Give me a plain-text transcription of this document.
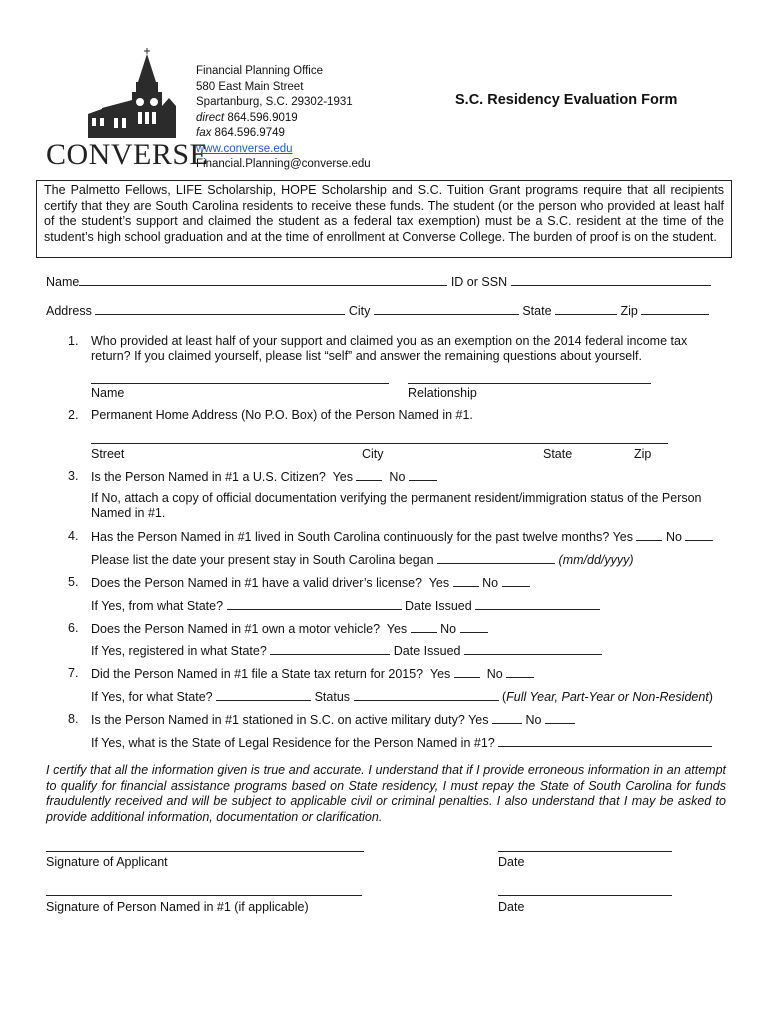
CONVERSE
Financial Planning Office
580 East Main Street
Spartanburg, S.C. 29302-1931
direct 864.596.9019
fax 864.596.9749
www.converse.edu
Financial.Planning@converse.edu
S.C. Residency Evaluation Form
The Palmetto Fellows, LIFE Scholarship, HOPE Scholarship and S.C. Tuition Grant programs require that all recipients certify that they are South Carolina residents to receive these funds. The student (or the person who provided at least half of the student’s support and claimed the student as a federal tax exemption) must be a S.C. resident at the time of the student’s high school graduation and at the time of enrollment at Converse College. The burden of proof is on the student.
Name	ID or SSN
Address	City	State	Zip
1. Who provided at least half of your support and claimed you as an exemption on the 2014 federal income tax
return? If you claimed yourself, please list “self” and answer the remaining questions about yourself.
Name	Relationship
2. Permanent Home Address (No P.O. Box) of the Person Named in #1.
Street	City	State	Zip
3. Is the Person Named in #1 a U.S. Citizen? Yes	No
If No, attach a copy of official documentation verifying the permanent resident/immigration status of the Person
Named in #1.
4. Has the Person Named in #1 lived in South Carolina continuously for the past twelve months? Yes	No
Please list the date your present stay in South Carolina began	(mm/dd/yyyy)
5. Does the Person Named in #1 have a valid driver’s license? Yes	No
If Yes, from what State?	Date Issued
6. Does the Person Named in #1 own a motor vehicle? Yes	No
If Yes, registered in what State?	Date Issued
7. Did the Person Named in #1 file a State tax return for 2015? Yes	No
If Yes, for what State?	Status	(Full Year, Part-Year or Non-Resident)
8. Is the Person Named in #1 stationed in S.C. on active military duty? Yes	No
If Yes, what is the State of Legal Residence for the Person Named in #1?
I certify that all the information given is true and accurate. I understand that if I provide erroneous information in an attempt to qualify for financial assistance programs based on State residency, I must repay the State of South Carolina for funds fraudulently received and will be subject to applicable civil or criminal penalties. I also understand that I may be asked to provide additional information, documentation or clarification.
Signature of Applicant	Date
Signature of Person Named in #1 (if applicable)	Date
